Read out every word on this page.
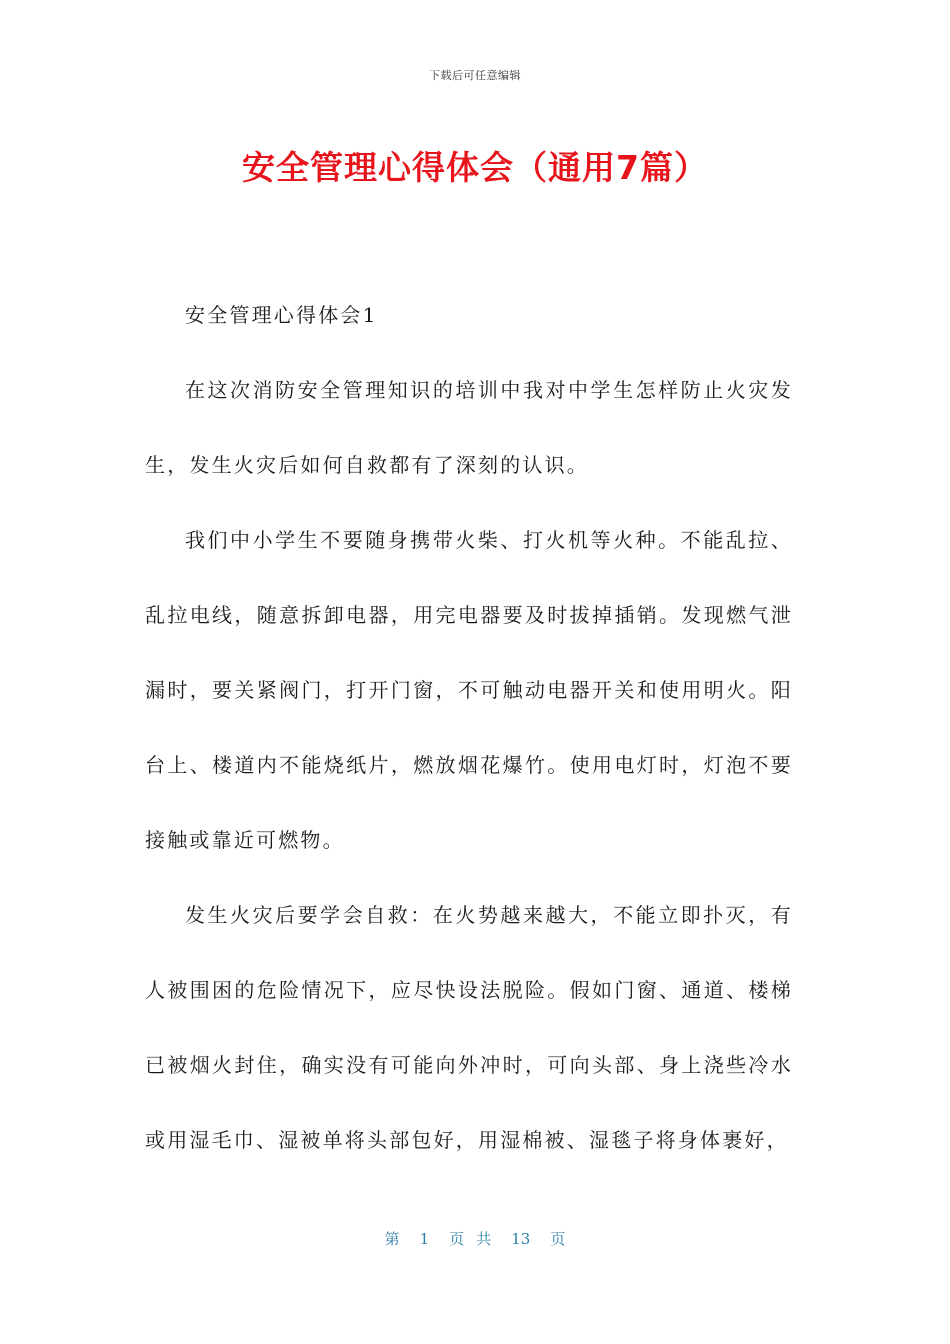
下载后可任意编辑
安全管理心得体会（通用7篇）

安全管理心得体会1

在这次消防安全管理知识的培训中我对中学生怎样防止火灾发生，发生火灾后如何自救都有了深刻的认识。

我们中小学生不要随身携带火柴、打火机等火种。不能乱拉、乱拉电线，随意拆卸电器，用完电器要及时拔掉插销。发现燃气泄漏时，要关紧阀门，打开门窗，不可触动电器开关和使用明火。阳台上、楼道内不能烧纸片，燃放烟花爆竹。使用电灯时，灯泡不要接触或靠近可燃物。

发生火灾后要学会自救：在火势越来越大，不能立即扑灭，有人被围困的危险情况下，应尽快设法脱险。假如门窗、通道、楼梯已被烟火封住，确实没有可能向外冲时，可向头部、身上浇些冷水或用湿毛巾、湿被单将头部包好，用湿棉被、湿毯子将身体裹好，

第 1 页 共 13 页
